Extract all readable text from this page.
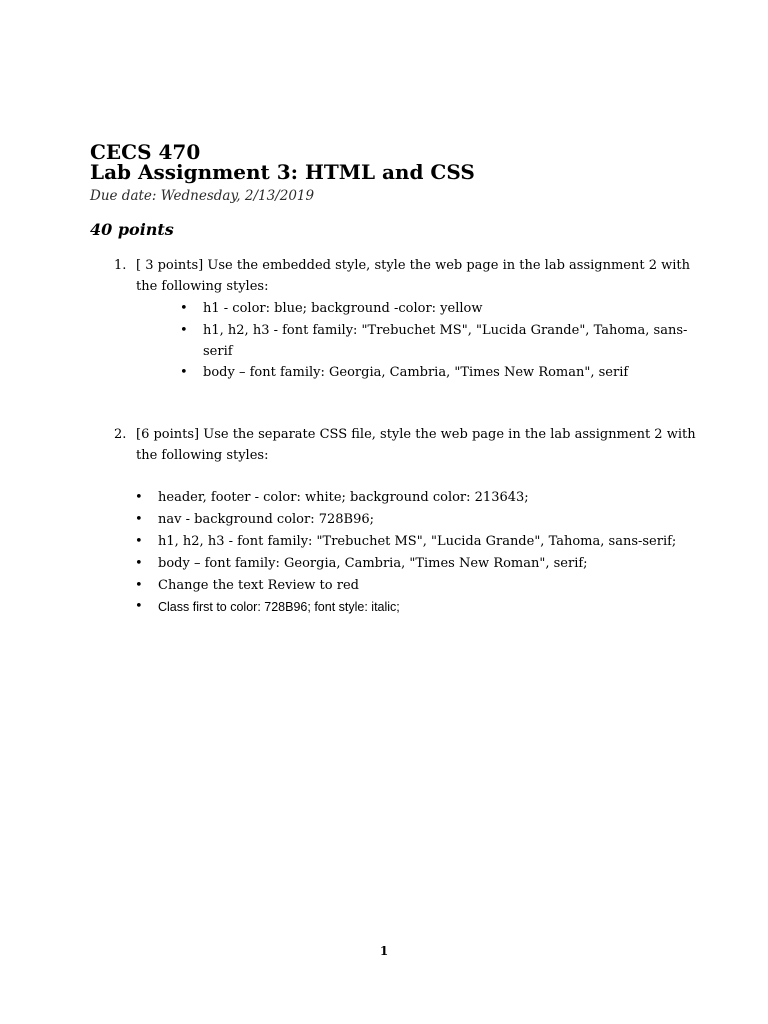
CECS 470
Lab Assignment 3: HTML and CSS
Due date: Wednesday, 2/13/2019
40 points
1. [ 3 points] Use the embedded style, style the web page in the lab assignment 2 with
the following styles:
• h1 - color: blue; background -color: yellow
• h1, h2, h3 - font family: "Trebuchet MS", "Lucida Grande", Tahoma, sans-
serif
• body – font family: Georgia, Cambria, "Times New Roman", serif
2. [6 points] Use the separate CSS file, style the web page in the lab assignment 2 with
the following styles:
• header, footer - color: white; background color: 213643;
• nav - background color: 728B96;
• h1, h2, h3 - font family: "Trebuchet MS", "Lucida Grande", Tahoma, sans-serif;
• body – font family: Georgia, Cambria, "Times New Roman", serif;
• Change the text Review to red
• Class first to color: 728B96; font style: italic;
1
